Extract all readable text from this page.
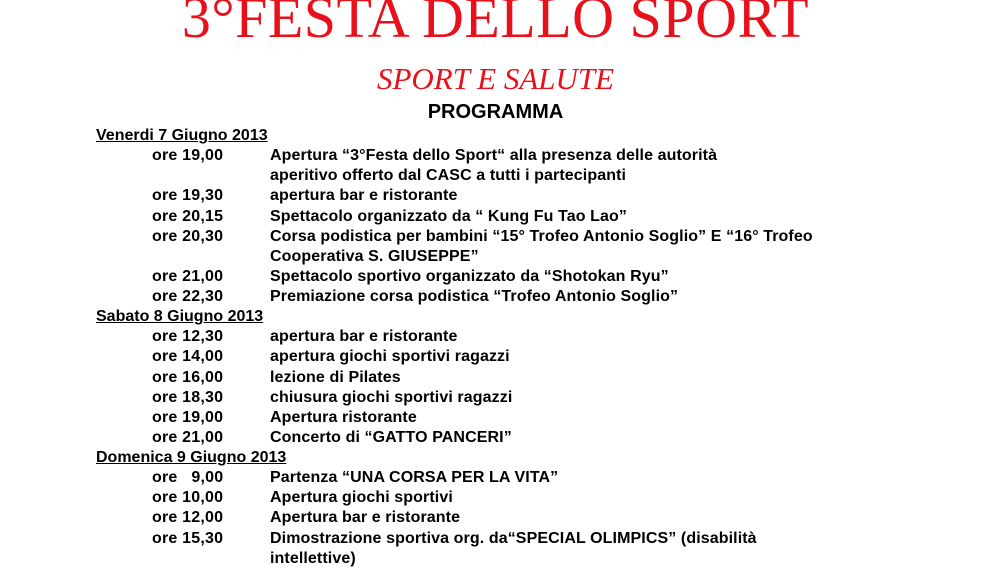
3°FESTA DELLO SPORT
SPORT E SALUTE
PROGRAMMA
Venerdi 7 Giugno 2013
ore 19,00	Apertura “3°Festa dello Sport“ alla presenza delle autorità
aperitivo offerto dal CASC a tutti i partecipanti
ore 19,30	apertura bar e ristorante
ore 20,15	Spettacolo organizzato da “ Kung Fu Tao Lao”
ore 20,30	Corsa podistica per bambini “15° Trofeo Antonio Soglio” E “16° Trofeo
Cooperativa S. GIUSEPPE”
ore 21,00	Spettacolo sportivo organizzato da “Shotokan Ryu”
ore 22,30	Premiazione corsa podistica “Trofeo Antonio Soglio”
Sabato 8 Giugno 2013
ore 12,30	apertura bar e ristorante
ore 14,00	apertura giochi sportivi ragazzi
ore 16,00	lezione di Pilates
ore 18,30	chiusura giochi sportivi ragazzi
ore 19,00	Apertura ristorante
ore 21,00	Concerto di “GATTO PANCERI”
Domenica 9 Giugno 2013
ore   9,00	Partenza “UNA CORSA PER LA VITA”
ore 10,00	Apertura giochi sportivi
ore 12,00	Apertura bar e ristorante
ore 15,30	Dimostrazione sportiva org. da“SPECIAL OLIMPICS” (disabilità
intellettive)
